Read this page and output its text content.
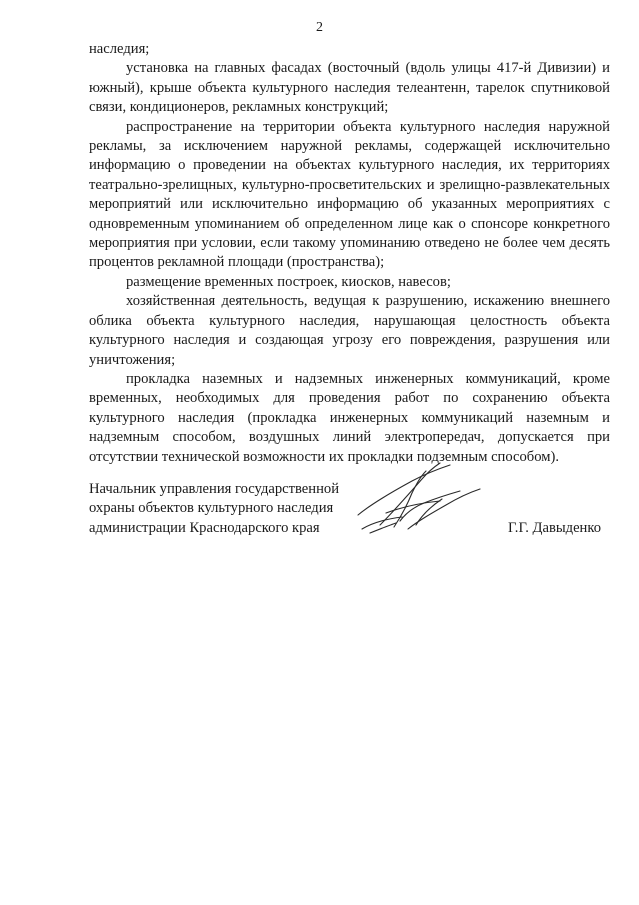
2

наследия;

установка на главных фасадах (восточный (вдоль улицы 417-й Дивизии) и южный), крыше объекта культурного наследия телеантенн, тарелок спутниковой связи, кондиционеров, рекламных конструкций;

распространение на территории объекта культурного наследия наружной рекламы, за исключением наружной рекламы, содержащей исключительно информацию о проведении на объектах культурного наследия, их территориях театрально-зрелищных, культурно-просветительских и зрелищно-развлекательных мероприятий или исключительно информацию об указанных мероприятиях с одновременным упоминанием об определенном лице как о спонсоре конкретного мероприятия при условии, если такому упоминанию отведено не более чем десять процентов рекламной площади (пространства);

размещение временных построек, киосков, навесов;

хозяйственная деятельность, ведущая к разрушению, искажению внешнего облика объекта культурного наследия, нарушающая целостность объекта культурного наследия и создающая угрозу его повреждения, разрушения или уничтожения;

прокладка наземных и надземных инженерных коммуникаций, кроме временных, необходимых для проведения работ по сохранению объекта культурного наследия (прокладка инженерных коммуникаций наземным и надземным способом, воздушных линий электропередач, допускается при отсутствии технической возможности их прокладки подземным способом).

Начальник управления государственной
охраны объектов культурного наследия
администрации Краснодарского края	Г.Г. Давыденко
